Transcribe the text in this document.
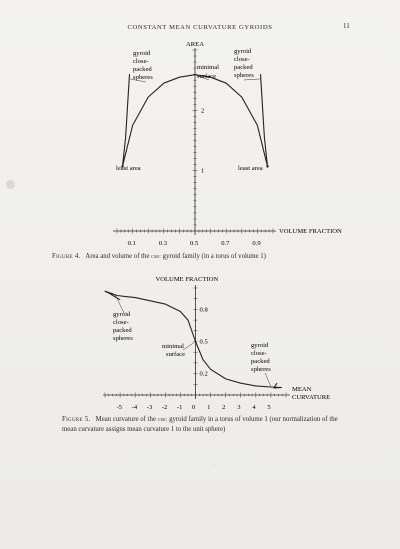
CONSTANT MEAN CURVATURE GYROIDS	11
0.1	0.3	0.5	0.7	0.9
1
2
AREA
VOLUME FRACTION
gyroid
close-
packed
spheres
gyroid
close-
packed
spheres
minimal
surface
least area	least area
Figure 4. Area and volume of the cmc gyroid family (in a torus of volume 1)
-5 -4 -3 -2 -1 0 1 2 3 4 5
0.2
0.5
0.8
VOLUME FRACTION
MEAN
CURVATURE
gyroid
close-
packed
spheres
gyroid
close-
packed
spheres
minimal
surface
Figure 5. Mean curvature of the cmc gyroid family in a torus of volume 1 (our normalization of the mean curvature assigns mean curvature 1 to the unit sphere)
·
